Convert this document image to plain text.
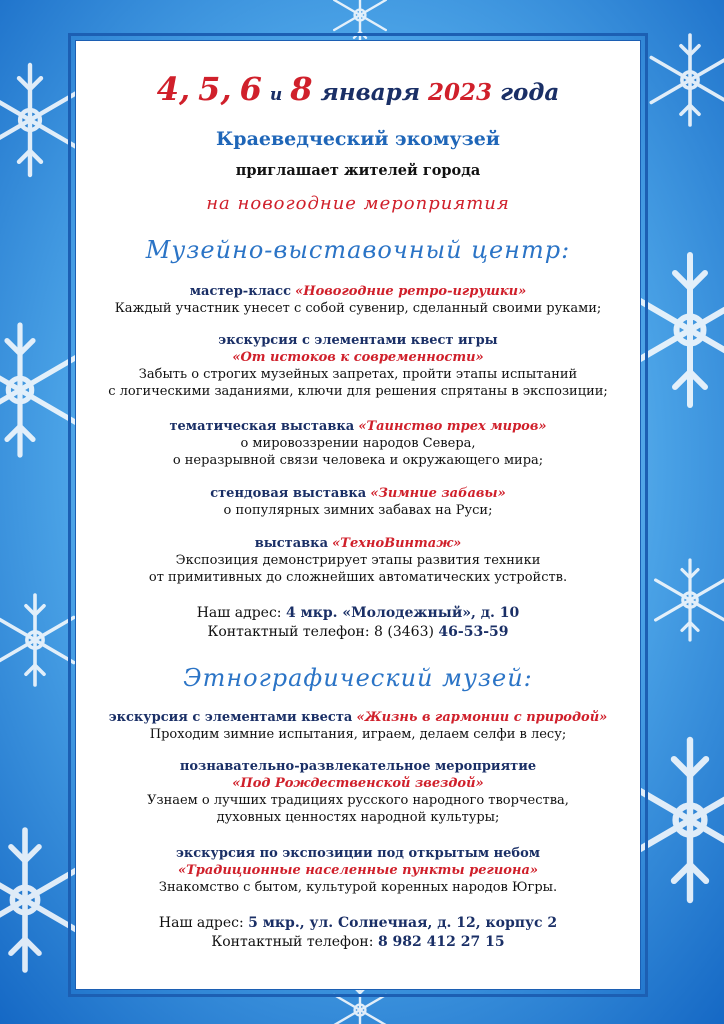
4, 5, 6 и 8 января 2023 года
Краеведческий экомузей
приглашает жителей города
на новогодние мероприятия
Музейно-выставочный центр:
мастер-класс «Новогодние ретро-игрушки»
Каждый участник унесет с собой сувенир, сделанный своими руками;
экскурсия с элементами квест игры
«От истоков к современности»
Забыть о строгих музейных запретах, пройти этапы испытаний
с логическими заданиями, ключи для решения спрятаны в экспозиции;
тематическая выставка «Таинство трех миров»
о мировоззрении народов Севера,
о неразрывной связи человека и окружающего мира;
стендовая выставка «Зимние забавы»
о популярных зимних забавах на Руси;
выставка «ТехноВинтаж»
Экспозиция демонстрирует этапы развития техники
от примитивных до сложнейших автоматических устройств.
Наш адрес: 4 мкр. «Молодежный», д. 10
Контактный телефон: 8 (3463) 46-53-59
Этнографический музей:
экскурсия с элементами квеста «Жизнь в гармонии с природой»
Проходим зимние испытания, играем, делаем селфи в лесу;
познавательно-развлекательное мероприятие
«Под Рождественской звездой»
Узнаем о лучших традициях русского народного творчества,
духовных ценностях народной культуры;
экскурсия по экспозиции под открытым небом
«Традиционные населенные пункты региона»
Знакомство с бытом, культурой коренных народов Югры.
Наш адрес: 5 мкр., ул. Солнечная, д. 12, корпус 2
Контактный телефон: 8 982 412 27 15
